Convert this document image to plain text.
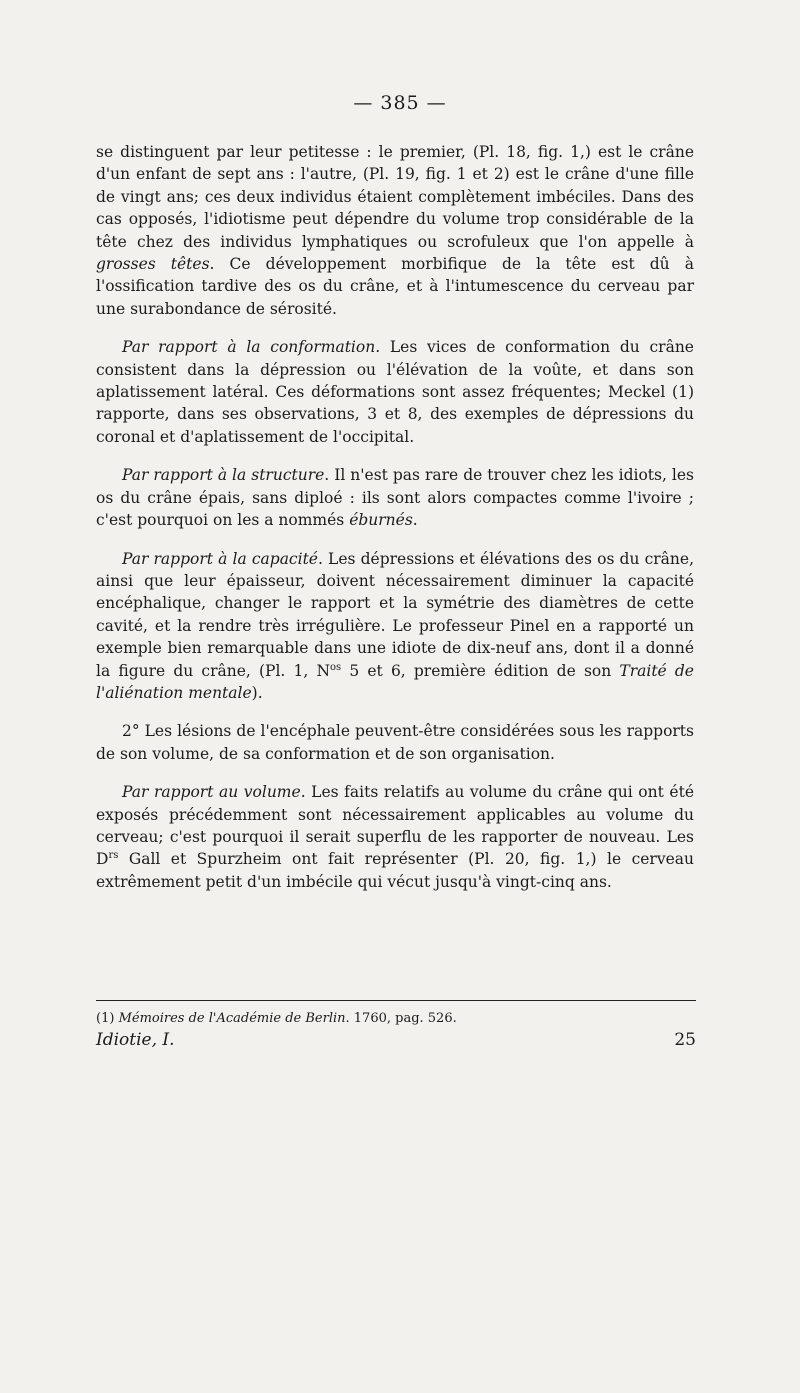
— 385 —

se distinguent par leur petitesse : le premier, (Pl. 18, fig. 1,) est le crâne d'un enfant de sept ans : l'autre, (Pl. 19, fig. 1 et 2) est le crâne d'une fille de vingt ans; ces deux individus étaient complètement imbéciles. Dans des cas opposés, l'idiotisme peut dépendre du volume trop considérable de la tête chez des individus lymphatiques ou scrofuleux que l'on appelle à grosses têtes. Ce développement morbifique de la tête est dû à l'ossification tardive des os du crâne, et à l'intumescence du cerveau par une surabondance de sérosité.

Par rapport à la conformation. Les vices de conformation du crâne consistent dans la dépression ou l'élévation de la voûte, et dans son aplatissement latéral. Ces déformations sont assez fréquentes; Meckel (1) rapporte, dans ses observations, 3 et 8, des exemples de dépressions du coronal et d'aplatissement de l'occipital.

Par rapport à la structure. Il n'est pas rare de trouver chez les idiots, les os du crâne épais, sans diploé : ils sont alors compactes comme l'ivoire ; c'est pourquoi on les a nommés éburnés.

Par rapport à la capacité. Les dépressions et élévations des os du crâne, ainsi que leur épaisseur, doivent nécessairement diminuer la capacité encéphalique, changer le rapport et la symétrie des diamètres de cette cavité, et la rendre très irrégulière. Le professeur Pinel en a rapporté un exemple bien remarquable dans une idiote de dix-neuf ans, dont il a donné la figure du crâne, (Pl. 1, $N^{os}$ 5 et 6, première édition de son Traité de l'aliénation mentale).

2° Les lésions de l'encéphale peuvent-être considérées sous les rapports de son volume, de sa conformation et de son organisation.

Par rapport au volume. Les faits relatifs au volume du crâne qui ont été exposés précédemment sont nécessairement applicables au volume du cerveau; c'est pourquoi il serait superflu de les rapporter de nouveau. Les $D^{rs}$ Gall et Spurzheim ont fait représenter (Pl. 20, fig. 1,) le cerveau extrêmement petit d'un imbécile qui vécut jusqu'à vingt-cinq ans.

(1) Mémoires de l'Académie de Berlin. 1760, pag. 526.
Idiotie, I.	25
